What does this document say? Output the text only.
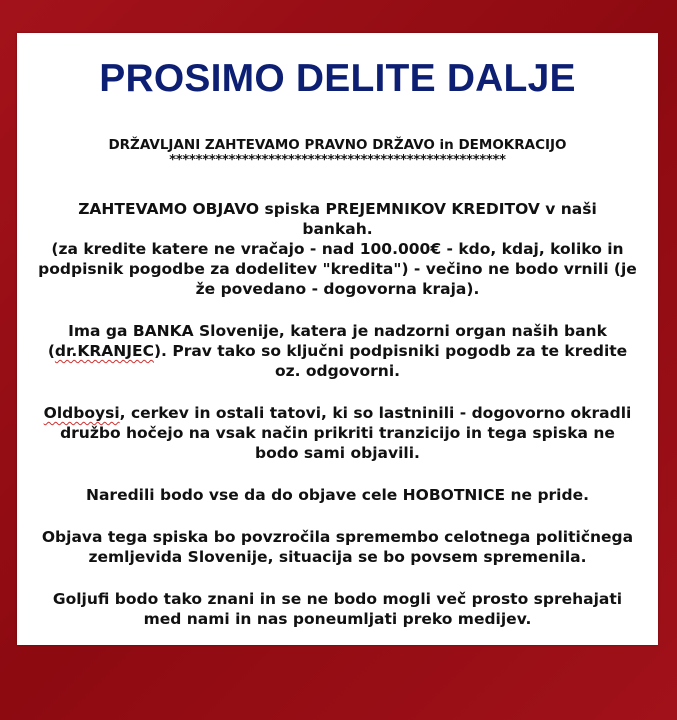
PROSIMO DELITE DALJE
DRŽAVLJANI ZAHTEVAMO PRAVNO DRŽAVO in DEMOKRACIJO
***************************************************
ZAHTEVAMO OBJAVO spiska PREJEMNIKOV KREDITOV v naši
bankah.
(za kredite katere ne vračajo - nad 100.000€ - kdo, kdaj, koliko in
podpisnik pogodbe za dodelitev "kredita") - večino ne bodo vrnili (je
že povedano - dogovorna kraja).
Ima ga BANKA Slovenije, katera je nadzorni organ naših bank
(dr.KRANJEC). Prav tako so ključni podpisniki pogodb za te kredite
oz. odgovorni.
Oldboysi, cerkev in ostali tatovi, ki so lastninili - dogovorno okradli
družbo hočejo na vsak način prikriti tranzicijo in tega spiska ne
bodo sami objavili.
Naredili bodo vse da do objave cele HOBOTNICE ne pride.
Objava tega spiska bo povzročila spremembo celotnega političnega
zemljevida Slovenije, situacija se bo povsem spremenila.
Goljufi bodo tako znani in se ne bodo mogli več prosto sprehajati
med nami in nas poneumljati preko medijev.
